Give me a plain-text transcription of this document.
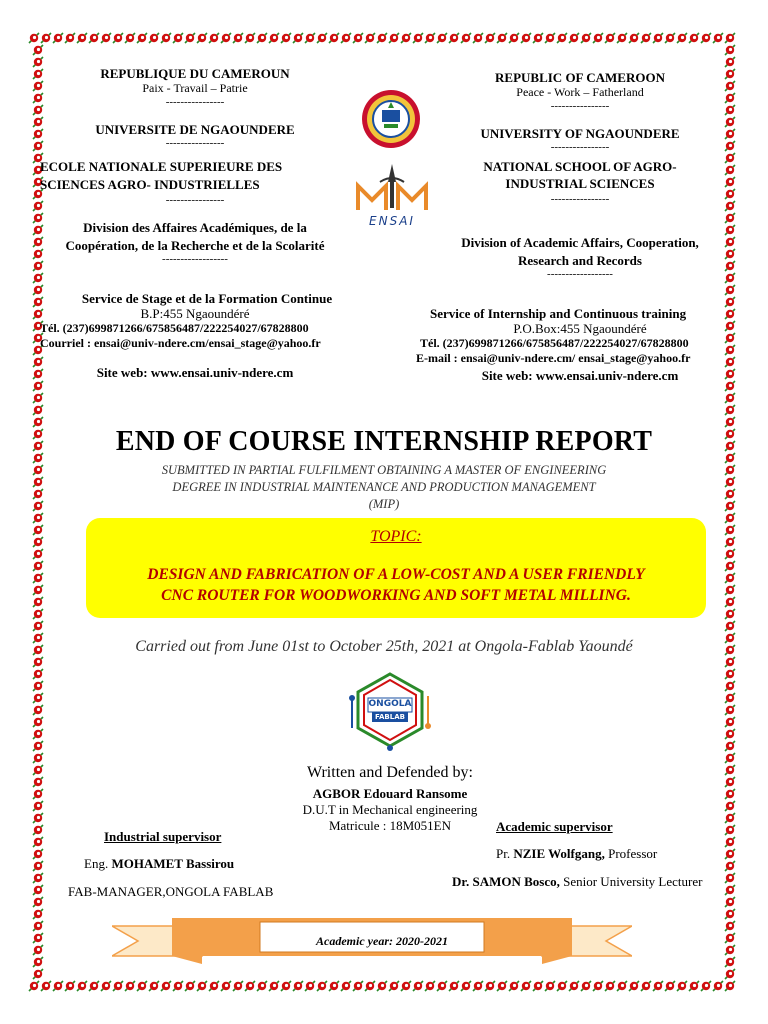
REPUBLIQUE DU CAMEROUN
Paix - Travail – Patrie
----------------
UNIVERSITE DE NGAOUNDERE
----------------
ECOLE NATIONALE SUPERIEURE DES
SCIENCES AGRO- INDUSTRIELLES
----------------
Division des Affaires Académiques, de la
Coopération, de la Recherche et de la Scolarité
------------------
Service de Stage et de la Formation Continue
B.P:455 Ngaoundéré
Tél. (237)699871266/675856487/222254027/67828800
Courriel : ensai@univ-ndere.cm/ensai_stage@yahoo.fr
Site web: www.ensai.univ-ndere.cm
REPUBLIC OF CAMEROON
Peace - Work – Fatherland
----------------
UNIVERSITY OF NGAOUNDERE
----------------
NATIONAL SCHOOL OF AGRO-
INDUSTRIAL SCIENCES
----------------
Division of Academic Affairs, Cooperation,
Research and Records
------------------
Service of Internship and Continuous training
P.O.Box:455 Ngaoundéré
Tél. (237)699871266/675856487/222254027/67828800
E-mail : ensai@univ-ndere.cm/ ensai_stage@yahoo.fr
Site web: www.ensai.univ-ndere.cm
ENSAI
END OF COURSE INTERNSHIP REPORT
SUBMITTED IN PARTIAL FULFILMENT OBTAINING A MASTER OF ENGINEERING
DEGREE IN INDUSTRIAL MAINTENANCE AND PRODUCTION MANAGEMENT
(MIP)
TOPIC:
DESIGN AND FABRICATION OF A LOW-COST AND A USER FRIENDLY
CNC ROUTER FOR WOODWORKING AND SOFT METAL MILLING.
Carried out from June 01st to October 25th, 2021 at Ongola-Fablab Yaoundé
ONGOLA
FABLAB
Written and Defended by:
AGBOR Edouard Ransome
D.U.T in Mechanical engineering
Matricule : 18M051EN
Industrial supervisor
Academic supervisor
Eng. MOHAMET Bassirou
Pr. NZIE Wolfgang, Professor
FAB-MANAGER,ONGOLA FABLAB
Dr. SAMON Bosco, Senior University Lecturer
Academic year: 2020-2021
